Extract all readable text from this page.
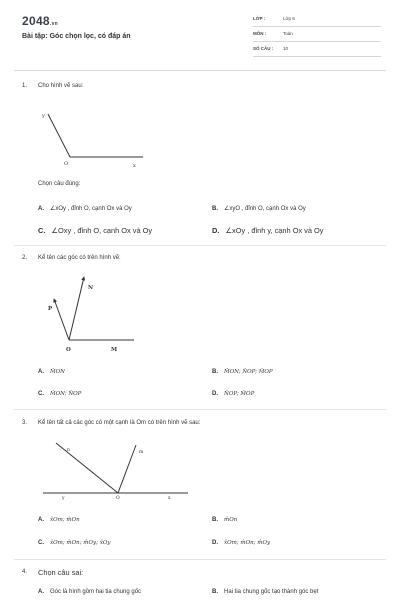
2048.vn
Bài tập: Góc chọn lọc, có đáp án
LỚP :	Lớp 6
MÔN :	Toán
SỐ CÂU : 10
1. Cho hình vẽ sau:
y
O	x
Chọn câu đúng:
A. ∠xOy , đỉnh O, cạnh Ox và Oy	B. ∠xyO , đỉnh O, cạnh Ox và Oy
C. ∠Oxy , đỉnh O, cạnh Ox và Oy	D. ∠xOy , đỉnh y, cạnh Ox và Oy
2. Kể tên các góc có trên hình vẽ:
N
P
O	M
A. M̂ON	B. M̂ON; N̂OP; M̂OP
C. M̂ON; N̂OP	D. N̂OP; M̂OP
3. Kể tên tất cả các góc có một cạnh là Om có trên hình vẽ sau:
n	m
y	O	x
A. x̂Om; m̂On	B. m̂On
C. x̂Om; m̂On; m̂Oy; x̂Oy	D. x̂Om; m̂On; m̂Oy
4. Chọn câu sai:
A. Góc là hình gồm hai tia chung gốc	B. Hai tia chung gốc tạo thành góc bẹt
